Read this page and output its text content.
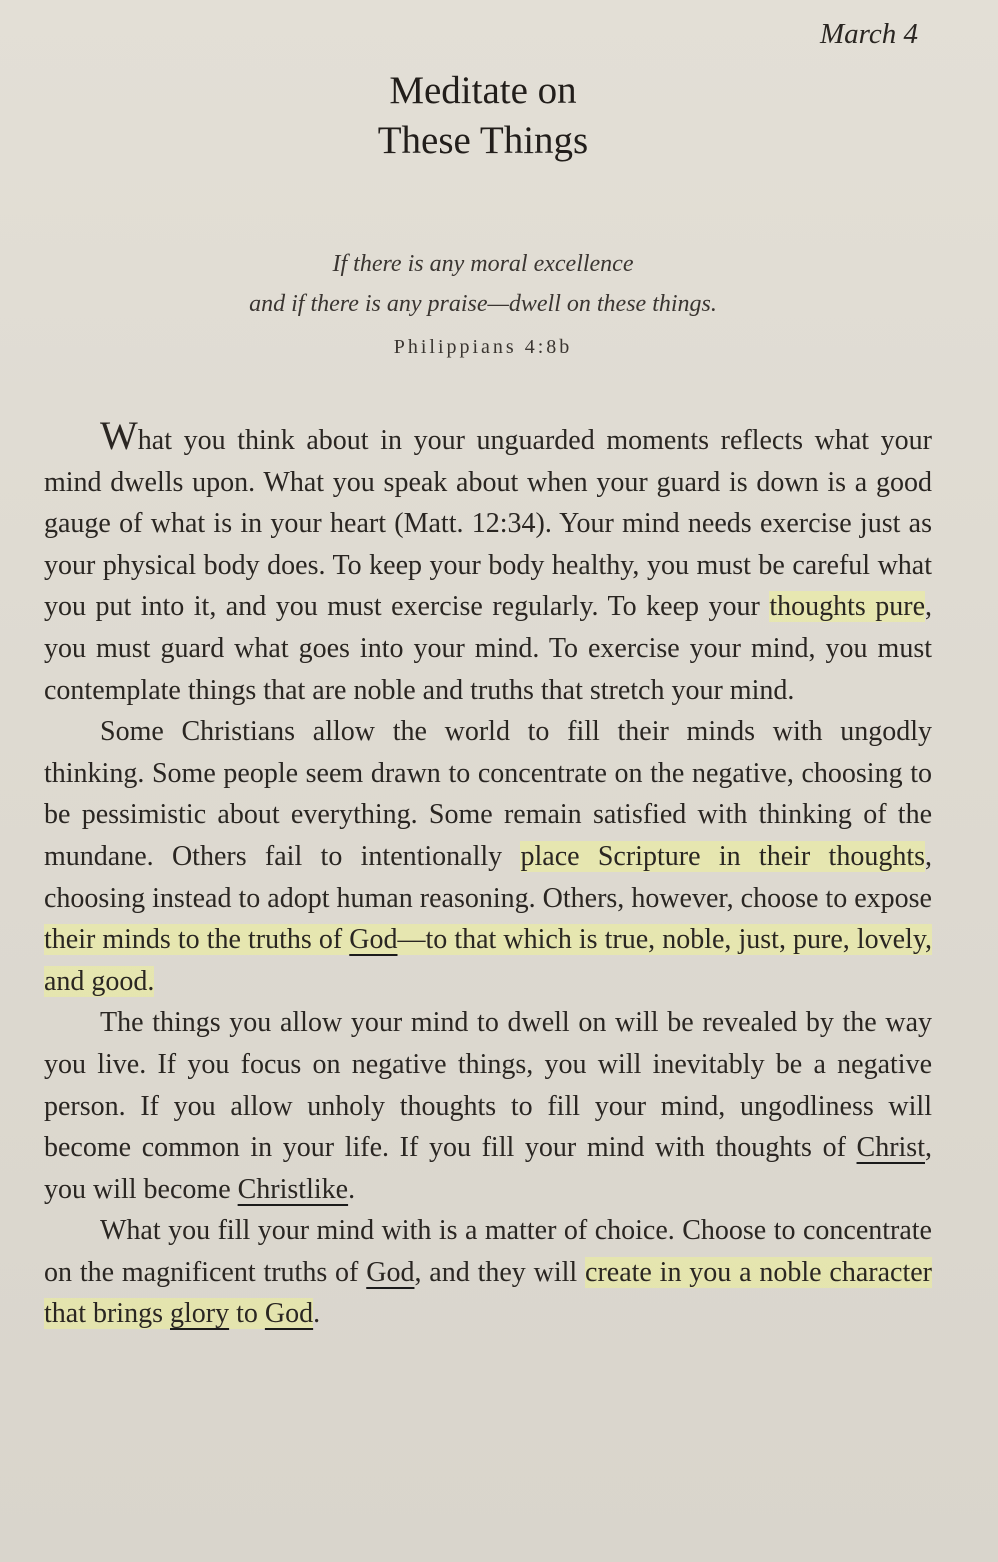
March 4
Meditate on
These Things
If there is any moral excellence
and if there is any praise—dwell on these things.
Philippians 4:8b

What you think about in your unguarded moments reflects what your mind dwells upon. What you speak about when your guard is down is a good gauge of what is in your heart (Matt. 12:34). Your mind needs exercise just as your physical body does. To keep your body healthy, you must be careful what you put into it, and you must exercise regularly. To keep your thoughts pure, you must guard what goes into your mind. To exercise your mind, you must contemplate things that are noble and truths that stretch your mind.

Some Christians allow the world to fill their minds with ungodly thinking. Some people seem drawn to concentrate on the negative, choosing to be pessimistic about everything. Some remain satisfied with thinking of the mundane. Others fail to intentionally place Scripture in their thoughts, choosing instead to adopt human reasoning. Others, however, choose to expose their minds to the truths of God—to that which is true, noble, just, pure, lovely, and good.

The things you allow your mind to dwell on will be revealed by the way you live. If you focus on negative things, you will inevitably be a negative person. If you allow unholy thoughts to fill your mind, ungodliness will become common in your life. If you fill your mind with thoughts of Christ, you will become Christlike.

What you fill your mind with is a matter of choice. Choose to concentrate on the magnificent truths of God, and they will create in you a noble character that brings glory to God.
